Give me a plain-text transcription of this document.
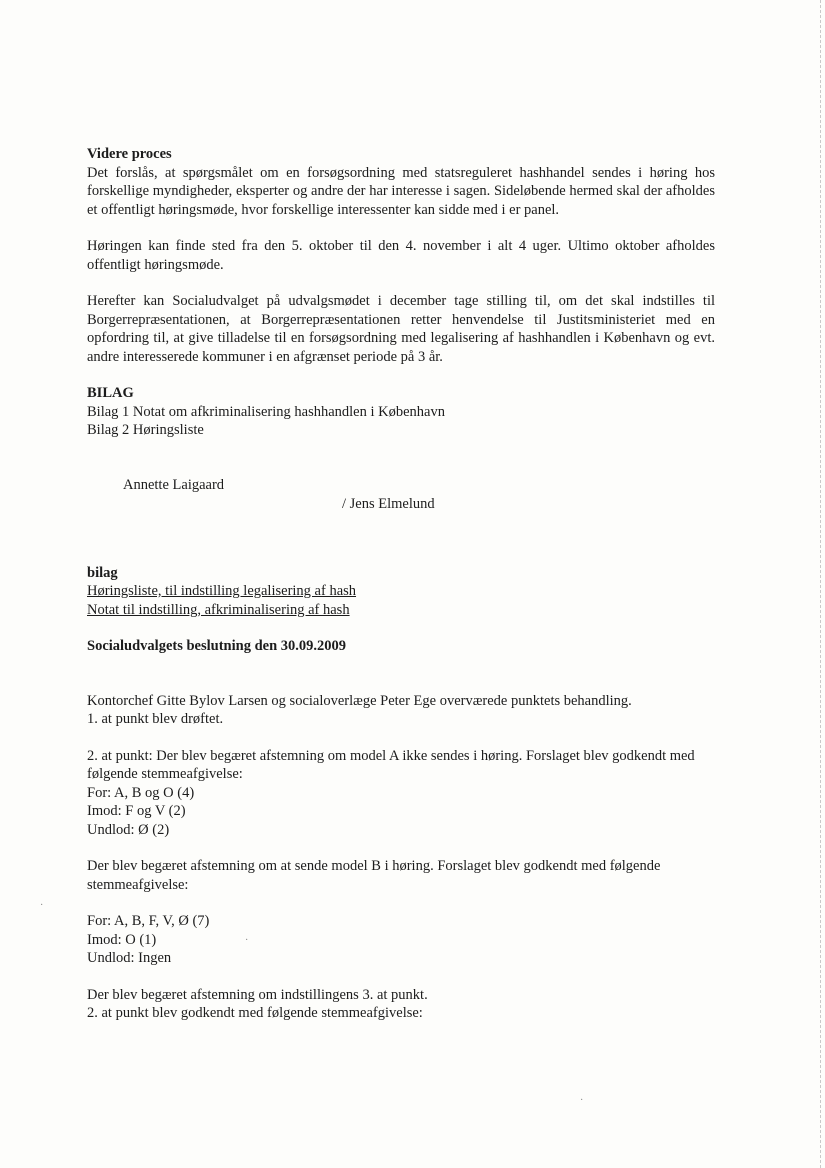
Videre proces

Det forslås, at spørgsmålet om en forsøgsordning med statsreguleret hashhandel sendes i høring hos forskellige myndigheder, eksperter og andre der har interesse i sagen. Sideløbende hermed skal der afholdes et offentligt høringsmøde, hvor forskellige interessenter kan sidde med i er panel.

Høringen kan finde sted fra den 5. oktober til den 4. november i alt 4 uger. Ultimo oktober afholdes offentligt høringsmøde.

Herefter kan Socialudvalget på udvalgsmødet i december tage stilling til, om det skal indstilles til Borgerrepræsentationen, at Borgerrepræsentationen retter henvendelse til Justitsministeriet med en opfordring til, at give tilladelse til en forsøgsordning med legalisering af hashhandlen i København og evt. andre interesserede kommuner i en afgrænset periode på 3 år.

BILAG

Bilag 1 Notat om afkriminalisering hashhandlen i København

Bilag 2 Høringsliste

Annette Laigaard
/ Jens Elmelund

bilag

Høringsliste, til indstilling legalisering af hash

Notat til indstilling, afkriminalisering af hash

Socialudvalgets beslutning den 30.09.2009

Kontorchef Gitte Bylov Larsen og socialoverlæge Peter Ege overværede punktets behandling.

1. at punkt blev drøftet.

2. at punkt: Der blev begæret afstemning om model A ikke sendes i høring. Forslaget blev godkendt med følgende stemmeafgivelse:

For: A, B og O (4)

Imod: F og V (2)

Undlod: Ø (2)

Der blev begæret afstemning om at sende model B i høring. Forslaget blev godkendt med følgende stemmeafgivelse:

For: A, B, F, V, Ø (7)

Imod: O (1)

Undlod: Ingen

Der blev begæret afstemning om indstillingens 3. at punkt.

2. at punkt blev godkendt med følgende stemmeafgivelse:

·
·
·
